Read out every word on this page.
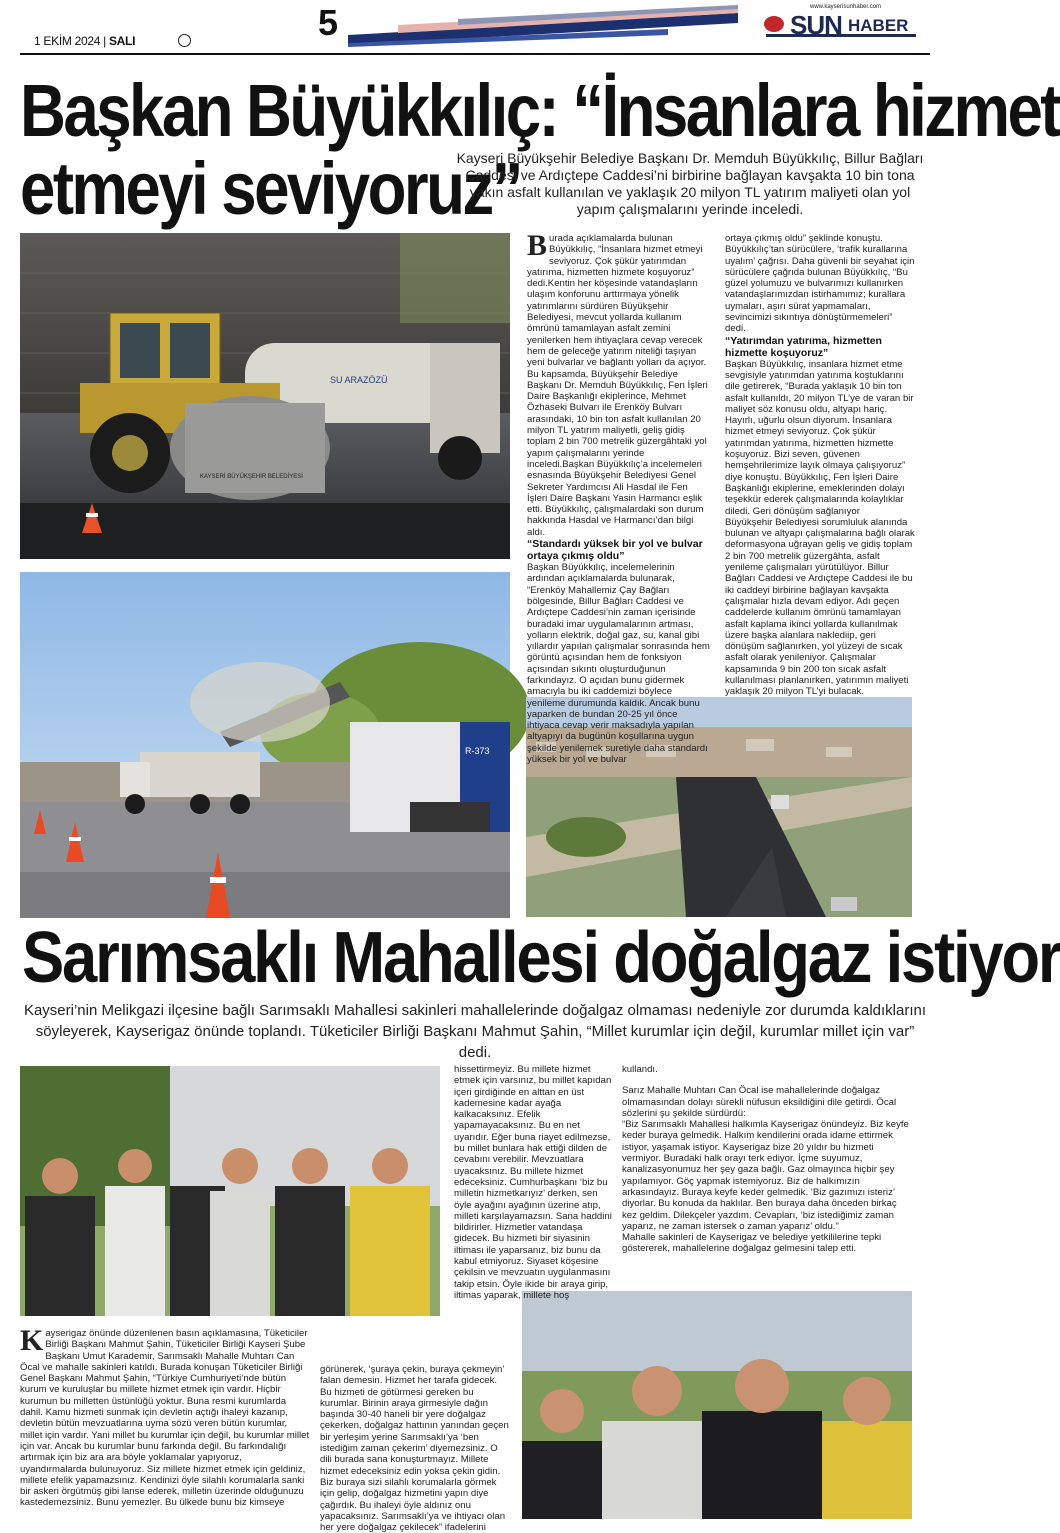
1 EKİM 2024 | SALI	5	www.kayserisunhaber.com
SUN HABER
Başkan Büyükkılıç: “İnsanlara hizmet
etmeyi seviyoruz”
Kayseri Büyükşehir Belediye Başkanı Dr. Memduh Büyükkılıç, Billur Bağları Caddesi ve Ardıçtepe Caddesi’ni birbirine bağlayan kavşakta 10 bin tona yakın asfalt kullanılan ve yaklaşık 20 milyon TL yatırım maliyeti olan yol yapım çalışmalarını yerinde inceledi.
SU ARAZÖZÜ
KAYSERİ BÜYÜKŞEHİR BELEDİYESİ
R-373

Burada açıklamalarda bulunan Büyükkılıç, “İnsanlara hizmet etmeyi seviyoruz. Çok şükür yatırımdan yatırıma, hizmetten hizmete koşuyoruz” dedi.Kentin her köşesinde vatandaşların ulaşım konforunu arttırmaya yönelik yatırımlarını sürdüren Büyükşehir Belediyesi, mevcut yollarda kullanım ömrünü tamamlayan asfalt zemini yenilerken hem ihtiyaçlara cevap verecek hem de geleceğe yatırım niteliği taşıyan yeni bulvarlar ve bağlantı yolları da açıyor. Bu kapsamda, Büyükşehir Belediye Başkanı Dr. Memduh Büyükkılıç, Fen İşleri Daire Başkanlığı ekiplerince, Mehmet Özhaseki Bulvarı ile Erenköy Bulvarı arasındaki, 10 bin ton asfalt kullanılan 20 milyon TL yatırım maliyetli, geliş gidiş toplam 2 bin 700 metrelik güzergâhtaki yol yapım çalışmalarını yerinde inceledi.Başkan Büyükkılıç’a incelemeleri esnasında Büyükşehir Belediyesi Genel Sekreter Yardımcısı Ali Hasdal ile Fen İşleri Daire Başkanı Yasin Harmancı eşlik etti. Büyükkılıç, çalışmalardaki son durum hakkında Hasdal ve Harmancı’dan bilgi aldı.

“Standardı yüksek bir yol ve bulvar ortaya çıkmış oldu”

Başkan Büyükkılıç, incelemelerinin ardından açıklamalarda bulunarak, “Erenköy Mahallemiz Çay Bağları bölgesinde, Billur Bağları Caddesi ve Ardıçtepe Caddesi’nin zaman içerisinde buradaki imar uygulamalarının artması, yolların elektrik, doğal gaz, su, kanal gibi yıllardır yapılan çalışmalar sonrasında hem görüntü açısından hem de fonksiyon açısından sıkıntı oluşturduğunun farkındayız. O açıdan bunu gidermek amacıyla bu iki caddemizi böylece yenileme durumunda kaldık. Ancak bunu yaparken de bundan 20-25 yıl önce ihtiyaca cevap verir maksadıyla yapılan altyapıyı da bugünün koşullarına uygun şekilde yenilemek suretiyle daha standardı yüksek bir yol ve bulvar

ortaya çıkmış oldu” şeklinde konuştu. Büyükkılıç’tan sürücülere, ‘trafik kurallarına uyalım’ çağrısı. Daha güvenli bir seyahat için sürücülere çağrıda bulunan Büyükkılıç, “Bu güzel yolumuzu ve bulvarımızı kullanırken vatandaşlarımızdan istirhamımız; kurallara uymaları, aşırı sürat yapmamaları, sevincimizi sıkıntıya dönüştürmemeleri” dedi.

“Yatırımdan yatırıma, hizmetten hizmette koşuyoruz”

Başkan Büyükkılıç, insanlara hizmet etme sevgisiyle yatırımdan yatırıma koştuklarını dile getirerek, “Burada yaklaşık 10 bin ton asfalt kullanıldı, 20 milyon TL’ye de varan bir maliyet söz konusu oldu, altyapı hariç. Hayırlı, uğurlu olsun diyorum. İnsanlara hizmet etmeyi seviyoruz. Çok şükür yatırımdan yatırıma, hizmetten hizmette koşuyoruz. Bizi seven, güvenen hemşehrilerimize layık olmaya çalışıyoruz” diye konuştu. Büyükkılıç, Fen İşleri Daire Başkanlığı ekiplerine, emeklerinden dolayı teşekkür ederek çalışmalarında kolaylıklar diledi. Geri dönüşüm sağlanıyor

Büyükşehir Belediyesi sorumluluk alanında bulunan ve altyapı çalışmalarına bağlı olarak deformasyona uğrayan geliş ve gidiş toplam 2 bin 700 metrelik güzergâhta, asfalt yenileme çalışmaları yürütülüyor. Billur Bağları Caddesi ve Ardıçtepe Caddesi ile bu iki caddeyi birbirine bağlayan kavşakta çalışmalar hızla devam ediyor. Adı geçen caddelerde kullanım ömrünü tamamlayan asfalt kaplama ikinci yollarda kullanılmak üzere başka alanlara naklediip, geri dönüşüm sağlanırken, yol yüzeyi de sıcak asfalt olarak yenileniyor. Çalışmalar kapsamında 9 bin 200 ton sıcak asfalt kullanılması planlanırken, yatırımın maliyeti yaklaşık 20 milyon TL’yi bulacak.

Sarımsaklı Mahallesi doğalgaz istiyor
Kayseri’nin Melikgazi ilçesine bağlı Sarımsaklı Mahallesi sakinleri mahallelerinde doğalgaz olmaması nedeniyle zor durumda kaldıklarını söyleyerek, Kayserigaz önünde toplandı. Tüketiciler Birliği Başkanı Mahmut Şahin, “Millet kurumlar için değil, kurumlar millet için var” dedi.

hissettirmeyiz. Bu millete hizmet etmek için varsınız, bu millet kapıdan içeri girdiğinde en alttan en üst kademesine kadar ayağa kalkacaksınız. Efelik yapamayacaksınız. Bu en net uyarıdır. Eğer buna riayet edilmezse, bu millet bunlara hak ettiği dilden de cevabını verebilir. Mevzuatlara uyacaksınız. Bu millete hizmet edeceksiniz. Cumhurbaşkanı ‘biz bu milletin hizmetkarıyız’ derken, sen öyle ayağını ayağının üzerine atıp, milleti karşılayamazsın. Sana haddini bildirirler. Hizmetler vatandaşa gidecek. Bu hizmeti bir siyasinin iltiması ile yaparsanız, biz bunu da kabul etmiyoruz. Siyaset köşesine çekilsin ve mevzuatın uygulanmasını takip etsin. Öyle ikide bir araya girip, iltimas yaparak, millete hoş

Kayserigaz önünde düzenlenen basın açıklamasına, Tüketiciler Birliği Başkanı Mahmut Şahin, Tüketiciler Birliği Kayseri Şube Başkanı Umut Karademir, Sarımsaklı Mahalle Muhtarı Can Öcal ve mahalle sakinleri katıldı. Burada konuşan Tüketiciler Birliği Genel Başkanı Mahmut Şahin, “Türkiye Cumhuriyeti’nde bütün kurum ve kuruluşlar bu millete hizmet etmek için vardır. Hiçbir kurumun bu milletten üstünlüğü yoktur. Buna resmi kurumlarda dahil. Kamu hizmeti sunmak için devletin açtığı ihaleyi kazanıp, devletin bütün mevzuatlarına uyma sözü veren bütün kurumlar, millet için vardır. Yani millet bu kurumlar için değil, bu kurumlar millet için var. Ancak bu kurumlar bunu farkında değil. Bu farkındalığı artırmak için biz ara ara böyle yoklamalar yapıyoruz, uyandırmalarda bulunuyoruz. Siz millete hizmet etmek için geldiniz, millete efelik yapamazsınız. Kendinizi öyle silahlı korumalarla sanki bir askeri örgütmüş gibi lanse ederek, milletin üzerinde olduğunuzu kastedemezsiniz. Bunu yemezler. Bu ülkede bunu biz kimseye

görünerek, ‘şuraya çekin, buraya çekmeyin’ falan demesin. Hizmet her tarafa gidecek. Bu hizmeti de götürmesi gereken bu kurumlar. Birinin araya girmesiyle dağın başında 30-40 haneli bir yere doğalgaz çekerken, doğalgaz hattının yanından geçen bir yerleşim yerine Sarımsaklı’ya ‘ben istediğim zaman çekerim’ diyemezsiniz. O dili burada sana konuşturtmayız. Millete hizmet edeceksiniz edin yoksa çekin gidin. Biz buraya sizi silahlı korumalarla görmek için gelip, doğalgaz hizmetini yapın diye çağırdık. Bu ihaleyi öyle aldınız onu yapacaksınız. Sarımsaklı’ya ve ihtiyacı olan her yere doğalgaz çekilecek” ifadelerini

kullandı.

Sarız Mahalle Muhtarı Can Öcal ise mahallelerinde doğalgaz olmamasından dolayı sürekli nüfusun eksildiğini dile getirdi. Öcal sözlerini şu şekilde sürdürdü:

“Biz Sarımsaklı Mahallesi halkımla Kayserigaz önündeyiz. Biz keyfe keder buraya gelmedik. Halkım kendilerini orada idame ettirmek istiyor, yaşamak istiyor. Kayserigaz bize 20 yıldır bu hizmeti vermiyor. Buradaki halk orayı terk ediyor. İçme suyumuz, kanalizasyonumuz her şey gaza bağlı. Gaz olmayınca hiçbir şey yapılamıyor. Göç yapmak istemiyoruz. Biz de halkımızın arkasındayız. Buraya keyfe keder gelmedik. ‘Biz gazımızı isteriz’ diyorlar. Bu konuda da haklılar. Ben buraya daha önceden birkaç kez geldim. Dilekçeler yazdım. Cevapları, ‘biz istediğimiz zaman yaparız, ne zaman istersek o zaman yaparız’ oldu.”

Mahalle sakinleri de Kayserigaz ve belediye yetkililerine tepki göstererek, mahallelerine doğalgaz gelmesini talep etti.
